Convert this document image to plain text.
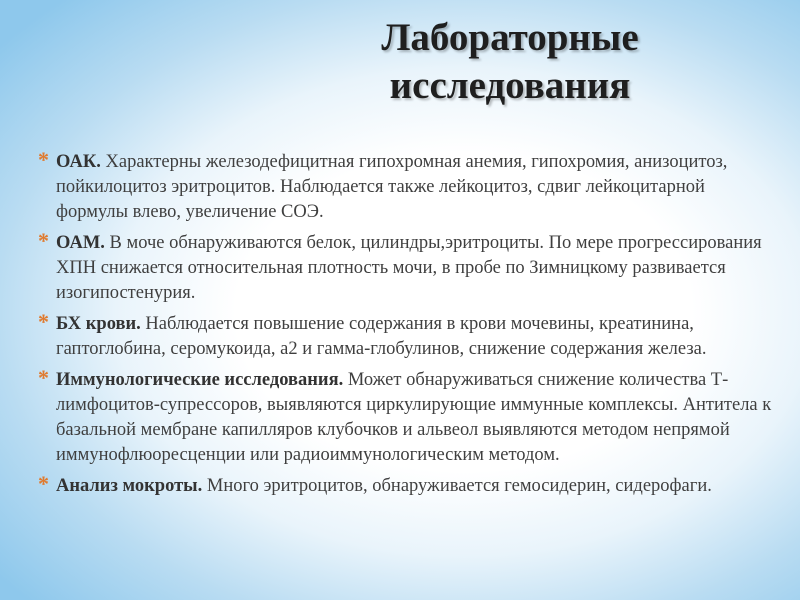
Лабораторные
исследования
* ОАК. Характерны железодефицитная гипохромная анемия, гипохромия, анизоцитоз, пойкилоцитоз эритроцитов. Наблюдается также лейкоцитоз, сдвиг лейкоцитарной формулы влево, увеличение СОЭ.
* ОАМ. В моче обнаруживаются белок, цилиндры,эритроциты. По мере прогрессирования ХПН снижается относительная плотность мочи, в пробе по Зимницкому развивается изогипостенурия.
* БХ крови. Наблюдается повышение содержания в крови мочевины, креатинина, гаптоглобина, серомукоида, а2 и гамма-глобулинов, снижение содержания железа.
* Иммунологические исследования. Может обнаруживаться снижение количества Т-лимфоцитов-супрессоров, выявляются циркулирующие иммунные комплексы. Антитела к базальной мембране капилляров клубочков и альвеол выявляются методом непрямой иммунофлюоресценции или радиоиммунологическим методом.
* Анализ мокроты. Много эритроцитов, обнаруживается гемосидерин, сидерофаги.
